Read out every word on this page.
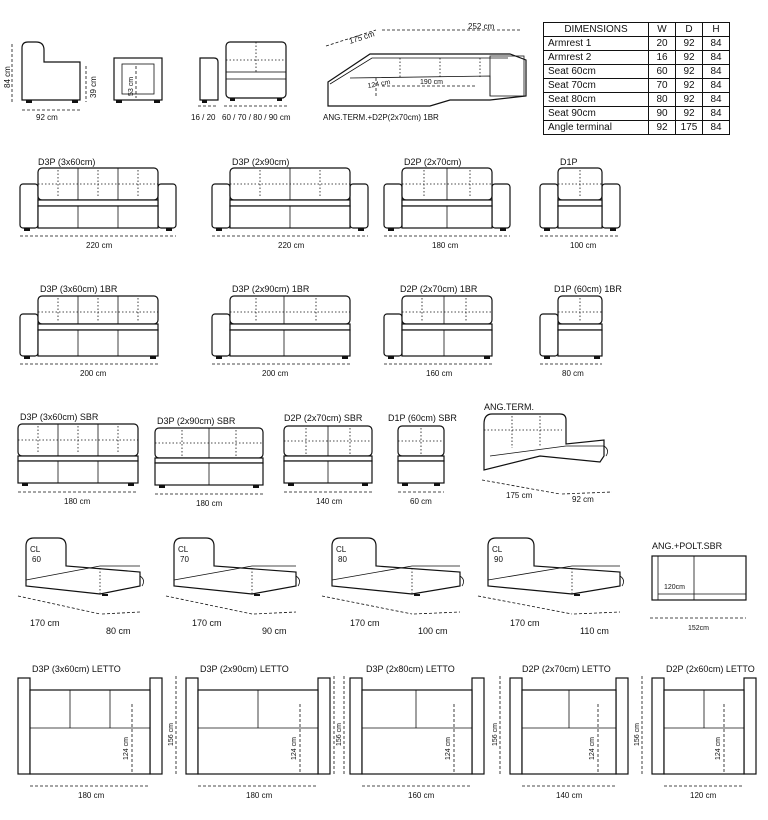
84 cm	39 cm
92 cm
53 cm
16 / 20 60 / 70 / 80 / 90 cm
175 cm
252 cm
124 cm	190 cm
ANG.TERM.+D2P(2x70cm) 1BR
D3P (3x60cm)
220 cm
D3P (2x90cm)
220 cm
D2P (2x70cm)
180 cm
D1P
100 cm
D3P (3x60cm) 1BR
200 cm
D3P (2x90cm) 1BR
200 cm
D2P (2x70cm) 1BR
160 cm
D1P (60cm) 1BR
80 cm
D3P (3x60cm) SBR
180 cm
D3P (2x90cm) SBR
180 cm
D2P (2x70cm) SBR
140 cm
D1P (60cm) SBR
60 cm
ANG.TERM.
175 cm	92 cm
CL
60
170 cm
80 cm
CL
70
170 cm
90 cm
CL
80
170 cm
100 cm
CL
90
170 cm
110 cm
ANG.+POLT.SBR
120cm
152cm
D3P (3x60cm) LETTO
124 cm
156 cm
180 cm
D3P (2x90cm) LETTO
124 cm
156 cm
180 cm
D3P (2x80cm) LETTO
124 cm
156 cm
160 cm
D2P (2x70cm) LETTO
124 cm
140 cm
D2P (2x60cm) LETTO
124 cm
156 cm
120 cm
DIMENSIONS	W	D	H
Armrest 1	20	92	84
Armrest 2	16	92	84
Seat 60cm	60	92	84
Seat 70cm	70	92	84
Seat 80cm	80	92	84
Seat 90cm	90	92	84
Angle terminal	92	175	84
